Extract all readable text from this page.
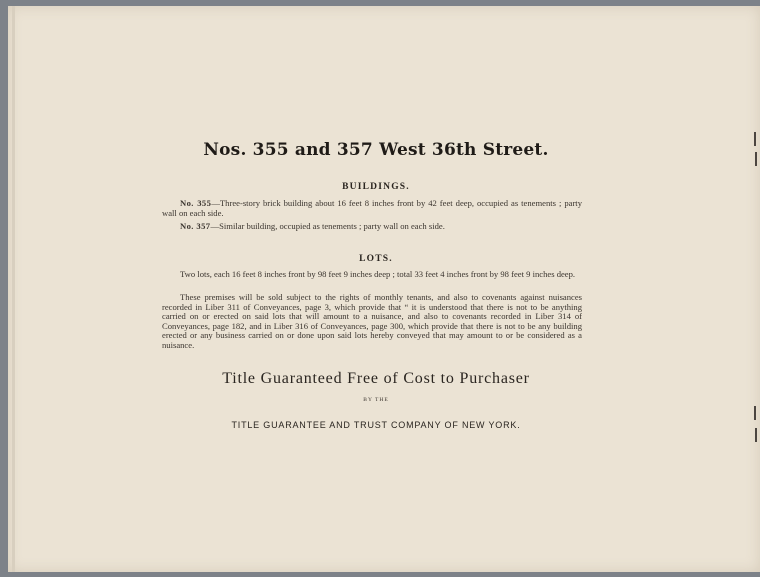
Nos. 355 and 357 West 36th Street.
BUILDINGS.
No. 355—Three-story brick building about 16 feet 8 inches front by 42 feet deep, occupied as tenements ; party wall on each side.
No. 357—Similar building, occupied as tenements ; party wall on each side.
LOTS.
Two lots, each 16 feet 8 inches front by 98 feet 9 inches deep ; total 33 feet 4 inches front by 98 feet 9 inches deep.
These premises will be sold subject to the rights of monthly tenants, and also to covenants against nuisances recorded in Liber 311 of Conveyances, page 3, which provide that “ it is understood that there is not to be anything carried on or erected on said lots that will amount to a nuisance, and also to covenants recorded in Liber 314 of Conveyances, page 182, and in Liber 316 of Conveyances, page 300, which provide that there is not to be any building erected or any business carried on or done upon said lots hereby conveyed that may amount to or be considered as a nuisance.
Title Guaranteed Free of Cost to Purchaser
BY THE
TITLE GUARANTEE AND TRUST COMPANY OF NEW YORK.
